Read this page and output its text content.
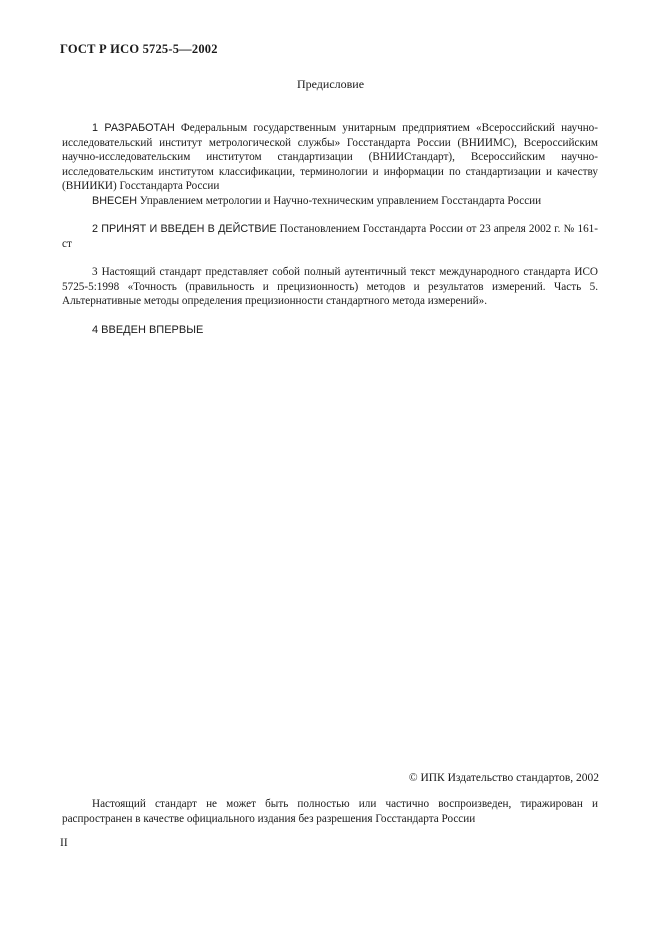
ГОСТ Р ИСО 5725-5—2002
Предисловие
1 РАЗРАБОТАН Федеральным государственным унитарным предприятием «Всероссийский научно-исследовательский институт метрологической службы» Госстандарта России (ВНИИМС), Всероссийским научно-исследовательским институтом стандартизации (ВНИИСтандарт), Всероссийским научно-исследовательским институтом классификации, терминологии и информации по стандартизации и качеству (ВНИИКИ) Госстандарта России
ВНЕСЕН Управлением метрологии и Научно-техническим управлением Госстандарта России
2 ПРИНЯТ И ВВЕДЕН В ДЕЙСТВИЕ Постановлением Госстандарта России от 23 апреля 2002 г. № 161-ст
3 Настоящий стандарт представляет собой полный аутентичный текст международного стандарта ИСО 5725-5:1998 «Точность (правильность и прецизионность) методов и результатов измерений. Часть 5. Альтернативные методы определения прецизионности стандартного метода измерений».
4 ВВЕДЕН ВПЕРВЫЕ
© ИПК Издательство стандартов, 2002
Настоящий стандарт не может быть полностью или частично воспроизведен, тиражирован и распространен в качестве официального издания без разрешения Госстандарта России
II
